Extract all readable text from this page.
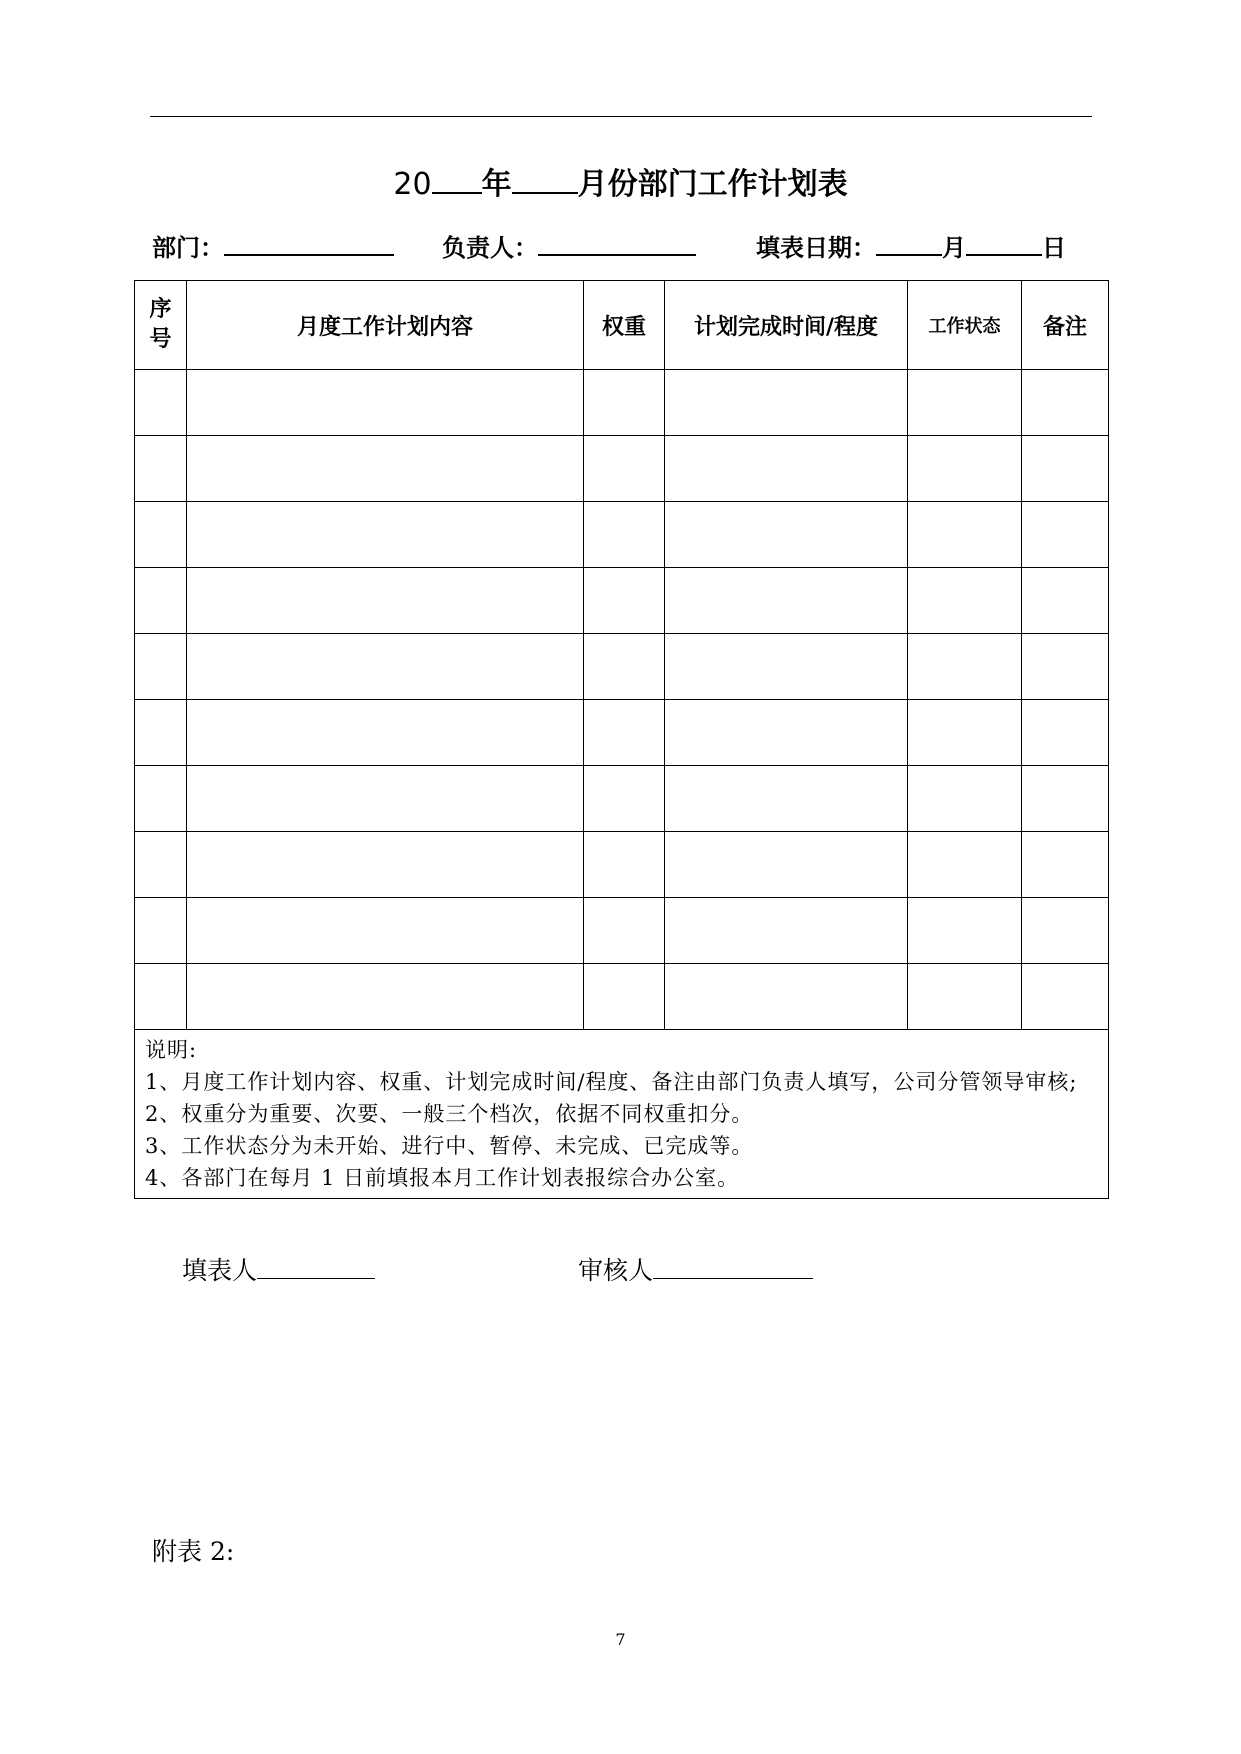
20 年 月份部门工作计划表
部门：	负责人：	填表日期：	月	日
序
号	月度工作计划内容	权重	计划完成时间/程度	工作状态	备注

说明:

1、月度工作计划内容、权重、计划完成时间/程度、备注由部门负责人填写，公司分管领导审核;

2、权重分为重要、次要、一般三个档次，依据不同权重扣分。

3、工作状态分为未开始、进行中、暂停、未完成、已完成等。

4、各部门在每月 1 日前填报本月工作计划表报综合办公室。					

填表人	审核人
附表 2:
7
